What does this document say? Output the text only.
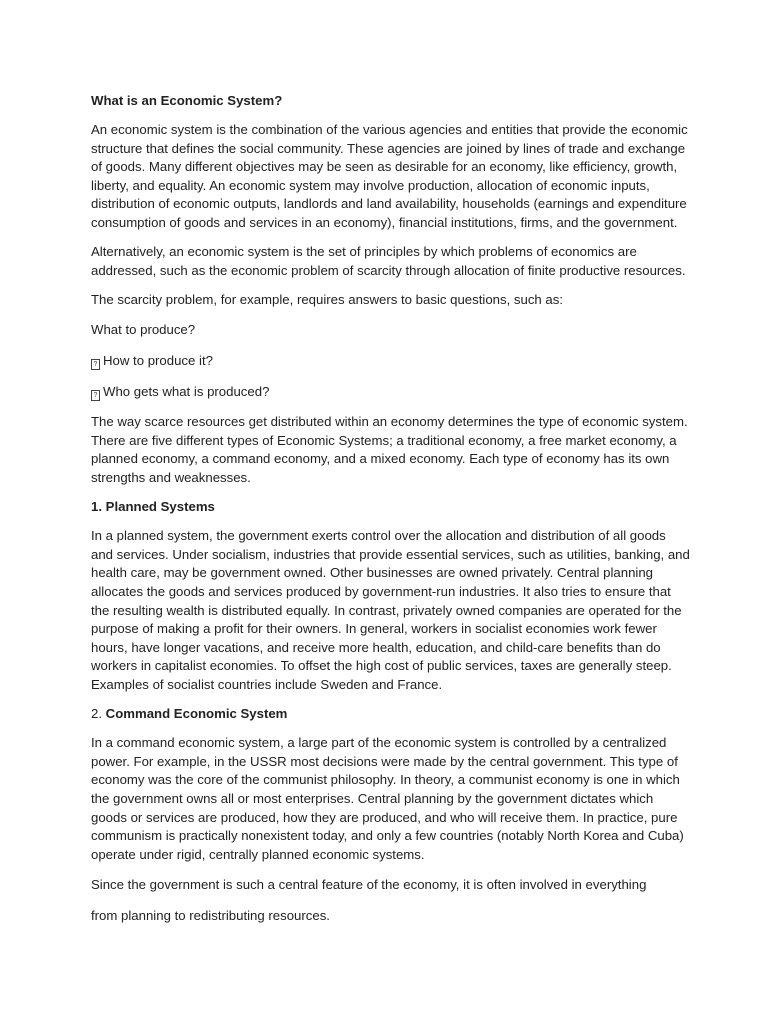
What is an Economic System?

An economic system is the combination of the various agencies and entities that provide the economic structure that defines the social community. These agencies are joined by lines of trade and exchange of goods. Many different objectives may be seen as desirable for an economy, like efficiency, growth, liberty, and equality. An economic system may involve production, allocation of economic inputs, distribution of economic outputs, landlords and land availability, households (earnings and expenditure consumption of goods and services in an economy), financial institutions, firms, and the government.

Alternatively, an economic system is the set of principles by which problems of economics are addressed, such as the economic problem of scarcity through allocation of finite productive resources.

The scarcity problem, for example, requires answers to basic questions, such as:

What to produce?

? How to produce it?

? Who gets what is produced?

The way scarce resources get distributed within an economy determines the type of economic system. There are five different types of Economic Systems; a traditional economy, a free market economy, a planned economy, a command economy, and a mixed economy. Each type of economy has its own strengths and weaknesses.

1. Planned Systems

In a planned system, the government exerts control over the allocation and distribution of all goods and services. Under socialism, industries that provide essential services, such as utilities, banking, and health care, may be government owned. Other businesses are owned privately. Central planning allocates the goods and services produced by government-run industries. It also tries to ensure that the resulting wealth is distributed equally. In contrast, privately owned companies are operated for the purpose of making a profit for their owners. In general, workers in socialist economies work fewer hours, have longer vacations, and receive more health, education, and child-care benefits than do workers in capitalist economies. To offset the high cost of public services, taxes are generally steep. Examples of socialist countries include Sweden and France.

2. Command Economic System

In a command economic system, a large part of the economic system is controlled by a centralized power. For example, in the USSR most decisions were made by the central government. This type of economy was the core of the communist philosophy. In theory, a communist economy is one in which the government owns all or most enterprises. Central planning by the government dictates which goods or services are produced, how they are produced, and who will receive them. In practice, pure communism is practically nonexistent today, and only a few countries (notably North Korea and Cuba) operate under rigid, centrally planned economic systems.

Since the government is such a central feature of the economy, it is often involved in everything

from planning to redistributing resources.
